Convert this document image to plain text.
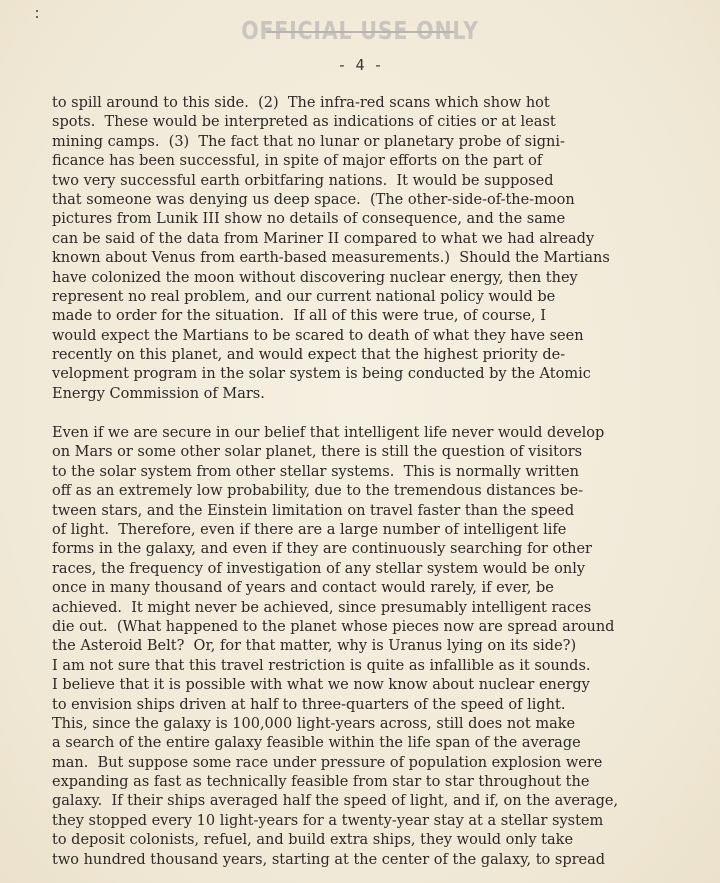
OFFICIAL USE ONLY
- 4 -
to spill around to this side.  (2)  The infra-red scans which show hot
spots.  These would be interpreted as indications of cities or at least
mining camps.  (3)  The fact that no lunar or planetary probe of signi-
ficance has been successful, in spite of major efforts on the part of
two very successful earth orbitfaring nations.  It would be supposed
that someone was denying us deep space.  (The other-side-of-the-moon
pictures from Lunik III show no details of consequence, and the same
can be said of the data from Mariner II compared to what we had already
known about Venus from earth-based measurements.)  Should the Martians
have colonized the moon without discovering nuclear energy, then they
represent no real problem, and our current national policy would be
made to order for the situation.  If all of this were true, of course, I
would expect the Martians to be scared to death of what they have seen
recently on this planet, and would expect that the highest priority de-
velopment program in the solar system is being conducted by the Atomic
Energy Commission of Mars.
Even if we are secure in our belief that intelligent life never would develop
on Mars or some other solar planet, there is still the question of visitors
to the solar system from other stellar systems.  This is normally written
off as an extremely low probability, due to the tremendous distances be-
tween stars, and the Einstein limitation on travel faster than the speed
of light.  Therefore, even if there are a large number of intelligent life
forms in the galaxy, and even if they are continuously searching for other
races, the frequency of investigation of any stellar system would be only
once in many thousand of years and contact would rarely, if ever, be
achieved.  It might never be achieved, since presumably intelligent races
die out.  (What happened to the planet whose pieces now are spread around
the Asteroid Belt?  Or, for that matter, why is Uranus lying on its side?)
I am not sure that this travel restriction is quite as infallible as it sounds.
I believe that it is possible with what we now know about nuclear energy
to envision ships driven at half to three-quarters of the speed of light.
This, since the galaxy is 100,000 light-years across, still does not make
a search of the entire galaxy feasible within the life span of the average
man.  But suppose some race under pressure of population explosion were
expanding as fast as technically feasible from star to star throughout the
galaxy.  If their ships averaged half the speed of light, and if, on the average,
they stopped every 10 light-years for a twenty-year stay at a stellar system
to deposit colonists, refuel, and build extra ships, they would only take
two hundred thousand years, starting at the center of the galaxy, to spread
